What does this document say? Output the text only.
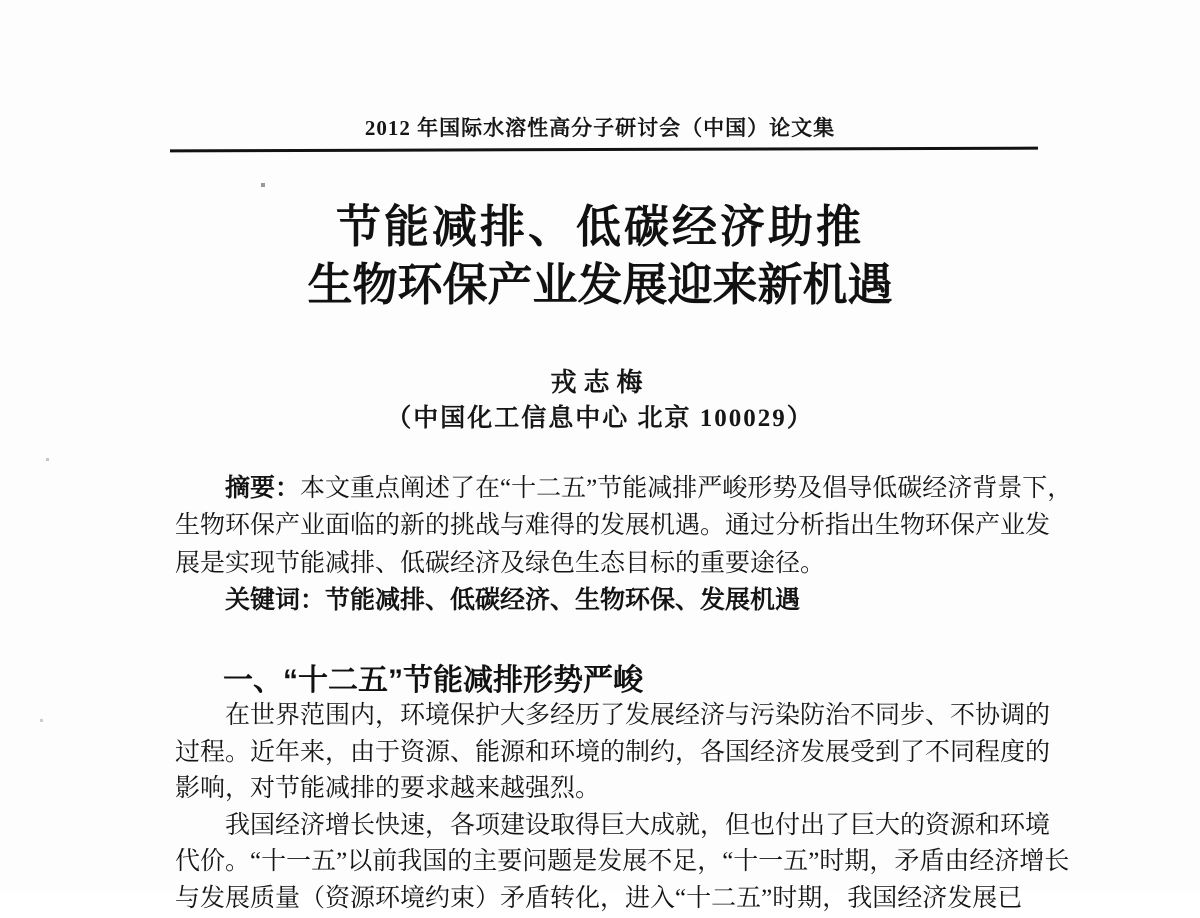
2012 年国际水溶性高分子研讨会（中国）论文集
节能减排、低碳经济助推
生物环保产业发展迎来新机遇
戎志梅
（中国化工信息中心 北京 100029）
摘要：本文重点阐述了在“十二五”节能减排严峻形势及倡导低碳经济背景下，
生物环保产业面临的新的挑战与难得的发展机遇。通过分析指出生物环保产业发
展是实现节能减排、低碳经济及绿色生态目标的重要途径。
关键词：节能减排、低碳经济、生物环保、发展机遇
一、“十二五”节能减排形势严峻
在世界范围内，环境保护大多经历了发展经济与污染防治不同步、不协调的
过程。近年来，由于资源、能源和环境的制约，各国经济发展受到了不同程度的
影响，对节能减排的要求越来越强烈。
我国经济增长快速，各项建设取得巨大成就，但也付出了巨大的资源和环境
代价。“十一五”以前我国的主要问题是发展不足，“十一五”时期，矛盾由经济增长
与发展质量（资源环境约束）矛盾转化，进入“十二五”时期，我国经济发展已
